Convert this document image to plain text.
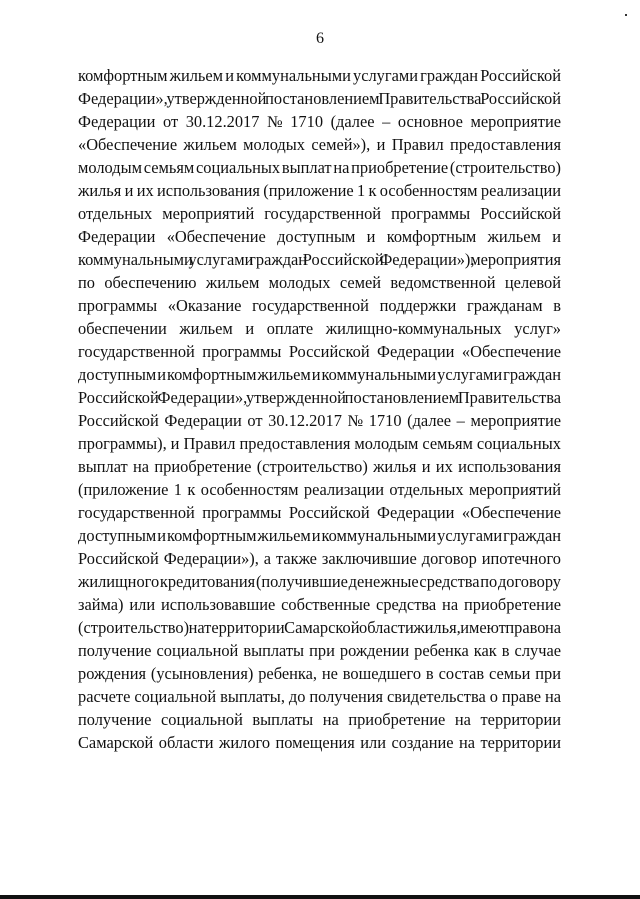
6
комфортным жильем и коммунальными услугами граждан Российской
Федерации», утвержденной постановлением Правительства Российской
Федерации от 30.12.2017 № 1710 (далее – основное мероприятие
«Обеспечение жильем молодых семей»), и Правил предоставления
молодым семьям социальных выплат на приобретение (строительство)
жилья и их использования (приложение 1 к особенностям реализации
отдельных мероприятий государственной программы Российской
Федерации «Обеспечение доступным и комфортным жильем и
коммунальными услугами граждан Российской Федерации»), мероприятия
по обеспечению жильем молодых семей ведомственной целевой
программы «Оказание государственной поддержки гражданам в
обеспечении жильем и оплате жилищно-коммунальных услуг»
государственной программы Российской Федерации «Обеспечение
доступным и комфортным жильем и коммунальными услугами граждан
Российской Федерации», утвержденной постановлением Правительства
Российской Федерации от 30.12.2017 № 1710 (далее – мероприятие
программы), и Правил предоставления молодым семьям социальных
выплат на приобретение (строительство) жилья и их использования
(приложение 1 к особенностям реализации отдельных мероприятий
государственной программы Российской Федерации «Обеспечение
доступным и комфортным жильем и коммунальными услугами граждан
Российской Федерации»), а также заключившие договор ипотечного
жилищного кредитования (получившие денежные средства по договору
займа) или использовавшие собственные средства на приобретение
(строительство) на территории Самарской области жилья, имеют право на
получение социальной выплаты при рождении ребенка как в случае
рождения (усыновления) ребенка, не вошедшего в состав семьи при
расчете социальной выплаты, до получения свидетельства о праве на
получение социальной выплаты на приобретение на территории
Самарской области жилого помещения или создание на территории
